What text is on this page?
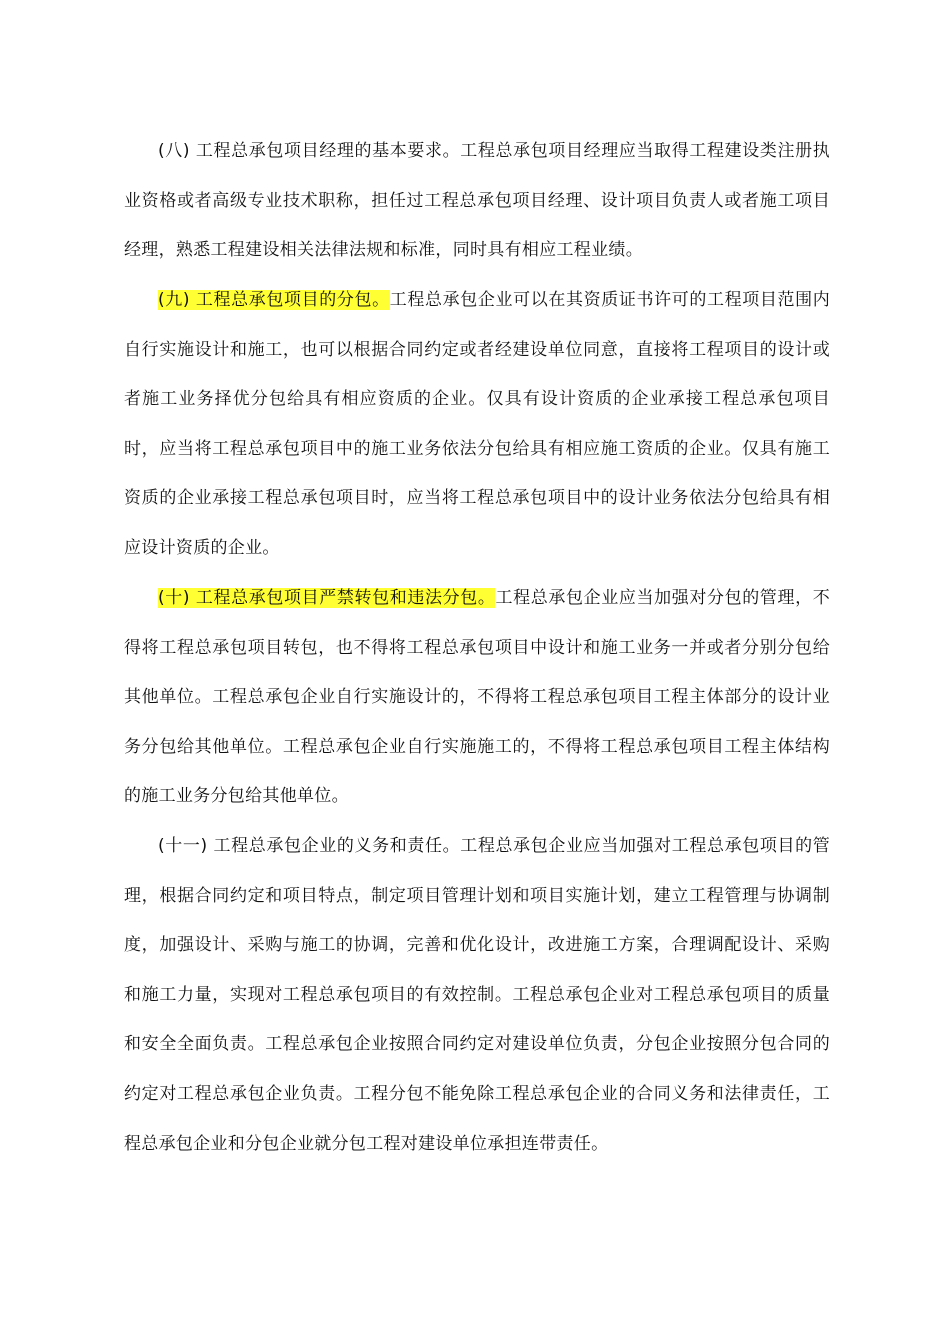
(八) 工程总承包项目经理的基本要求。工程总承包项目经理应当取得工程建设类注册执业资格或者高级专业技术职称，担任过工程总承包项目经理、设计项目负责人或者施工项目经理，熟悉工程建设相关法律法规和标准，同时具有相应工程业绩。

(九) 工程总承包项目的分包。工程总承包企业可以在其资质证书许可的工程项目范围内自行实施设计和施工，也可以根据合同约定或者经建设单位同意，直接将工程项目的设计或者施工业务择优分包给具有相应资质的企业。仅具有设计资质的企业承接工程总承包项目时，应当将工程总承包项目中的施工业务依法分包给具有相应施工资质的企业。仅具有施工资质的企业承接工程总承包项目时，应当将工程总承包项目中的设计业务依法分包给具有相应设计资质的企业。

(十) 工程总承包项目严禁转包和违法分包。工程总承包企业应当加强对分包的管理，不得将工程总承包项目转包，也不得将工程总承包项目中设计和施工业务一并或者分别分包给其他单位。工程总承包企业自行实施设计的，不得将工程总承包项目工程主体部分的设计业务分包给其他单位。工程总承包企业自行实施施工的，不得将工程总承包项目工程主体结构的施工业务分包给其他单位。

(十一) 工程总承包企业的义务和责任。工程总承包企业应当加强对工程总承包项目的管理，根据合同约定和项目特点，制定项目管理计划和项目实施计划，建立工程管理与协调制度，加强设计、采购与施工的协调，完善和优化设计，改进施工方案，合理调配设计、采购和施工力量，实现对工程总承包项目的有效控制。工程总承包企业对工程总承包项目的质量和安全全面负责。工程总承包企业按照合同约定对建设单位负责，分包企业按照分包合同的约定对工程总承包企业负责。工程分包不能免除工程总承包企业的合同义务和法律责任，工程总承包企业和分包企业就分包工程对建设单位承担连带责任。
